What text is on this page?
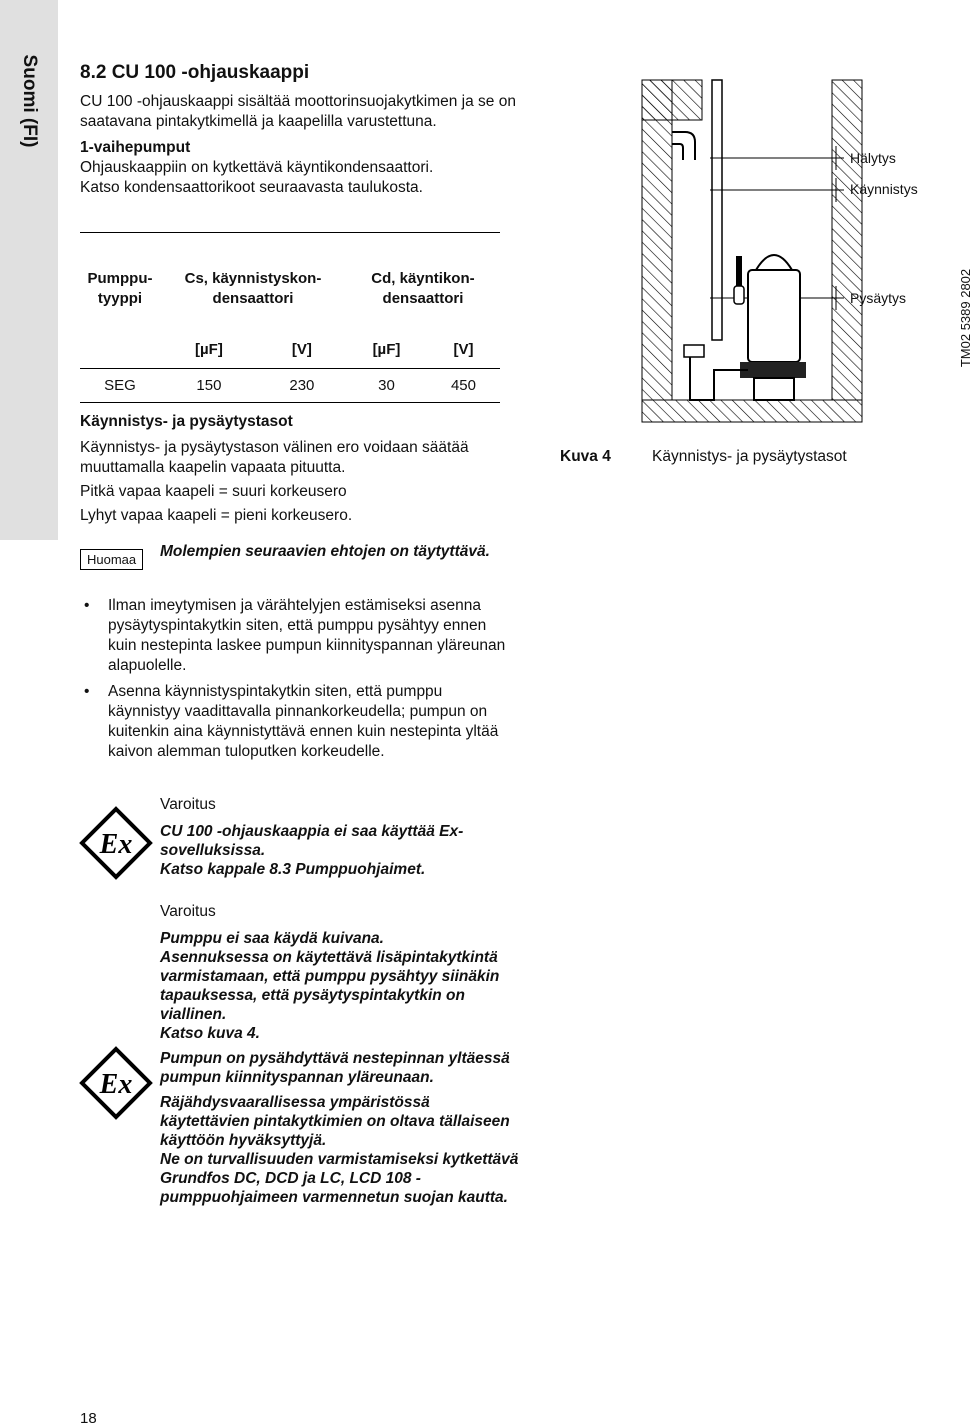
Suomi (FI) 8.2 CU 100 -ohjauskaappi
CU 100 -ohjauskaappi sisältää moottorinsuojakytkimen ja se on saatavana pintakytkimellä ja kaapelilla varustettuna.
1-vaihepumput
Ohjauskaappiin on kytkettävä käyntikondensaattori.
Katso kondensaattorikoot seuraavasta taulukosta.
Pumppu-tyyppi	Cs, käynnistyskon-densaattori		Cd, käyntikon-densaattori	
	[µF]	[V]	[µF]	[V]
SEG	150	230	30	450
Käynnistys- ja pysäytystasot
Käynnistys- ja pysäytystason välinen ero voidaan säätää muuttamalla kaapelin vapaata pituutta.
Pitkä vapaa kaapeli = suuri korkeusero
Lyhyt vapaa kaapeli = pieni korkeusero.
Huomaa	Molempien seuraavien ehtojen on täytyttävä.
• Ilman imeytymisen ja värähtelyjen estämiseksi asenna pysäytyspintakytkin siten, että pumppu pysähtyy ennen kuin nestepinta laskee pumpun kiinnityspannan yläreunan alapuolelle.
• Asenna käynnistyspintakytkin siten, että pumppu käynnistyy vaadittavalla pinnankorkeudella; pumpun on kuitenkin aina käynnistyttävä ennen kuin nestepinta yltää kaivon alemman tuloputken korkeudelle.
Ex
Varoitus
CU 100 -ohjauskaappia ei saa käyttää Ex-sovelluksissa.
Katso kappale 8.3 Pumppuohjaimet.
Ex
Varoitus
Pumppu ei saa käydä kuivana.
Asennuksessa on käytettävä lisäpintakytkintä varmistamaan, että pumppu pysähtyy siinäkin tapauksessa, että pysäytyspintakytkin on viallinen.
Katso kuva 4.
Pumpun on pysähdyttävä nestepinnan yltäessä pumpun kiinnityspannan yläreunaan.
Räjähdysvaarallisessa ympäristössä käytettävien pintakytkimien on oltava tällaiseen käyttöön hyväksyttyjä.
Ne on turvallisuuden varmistamiseksi kytkettävä Grundfos DC, DCD ja LC, LCD 108 -pumppuohjaimeen varmennetun suojan kautta.
Hälytys
Käynnistys
Pysäytys	TM02 5389 2802
Kuva 4	Käynnistys- ja pysäytystasot
18
